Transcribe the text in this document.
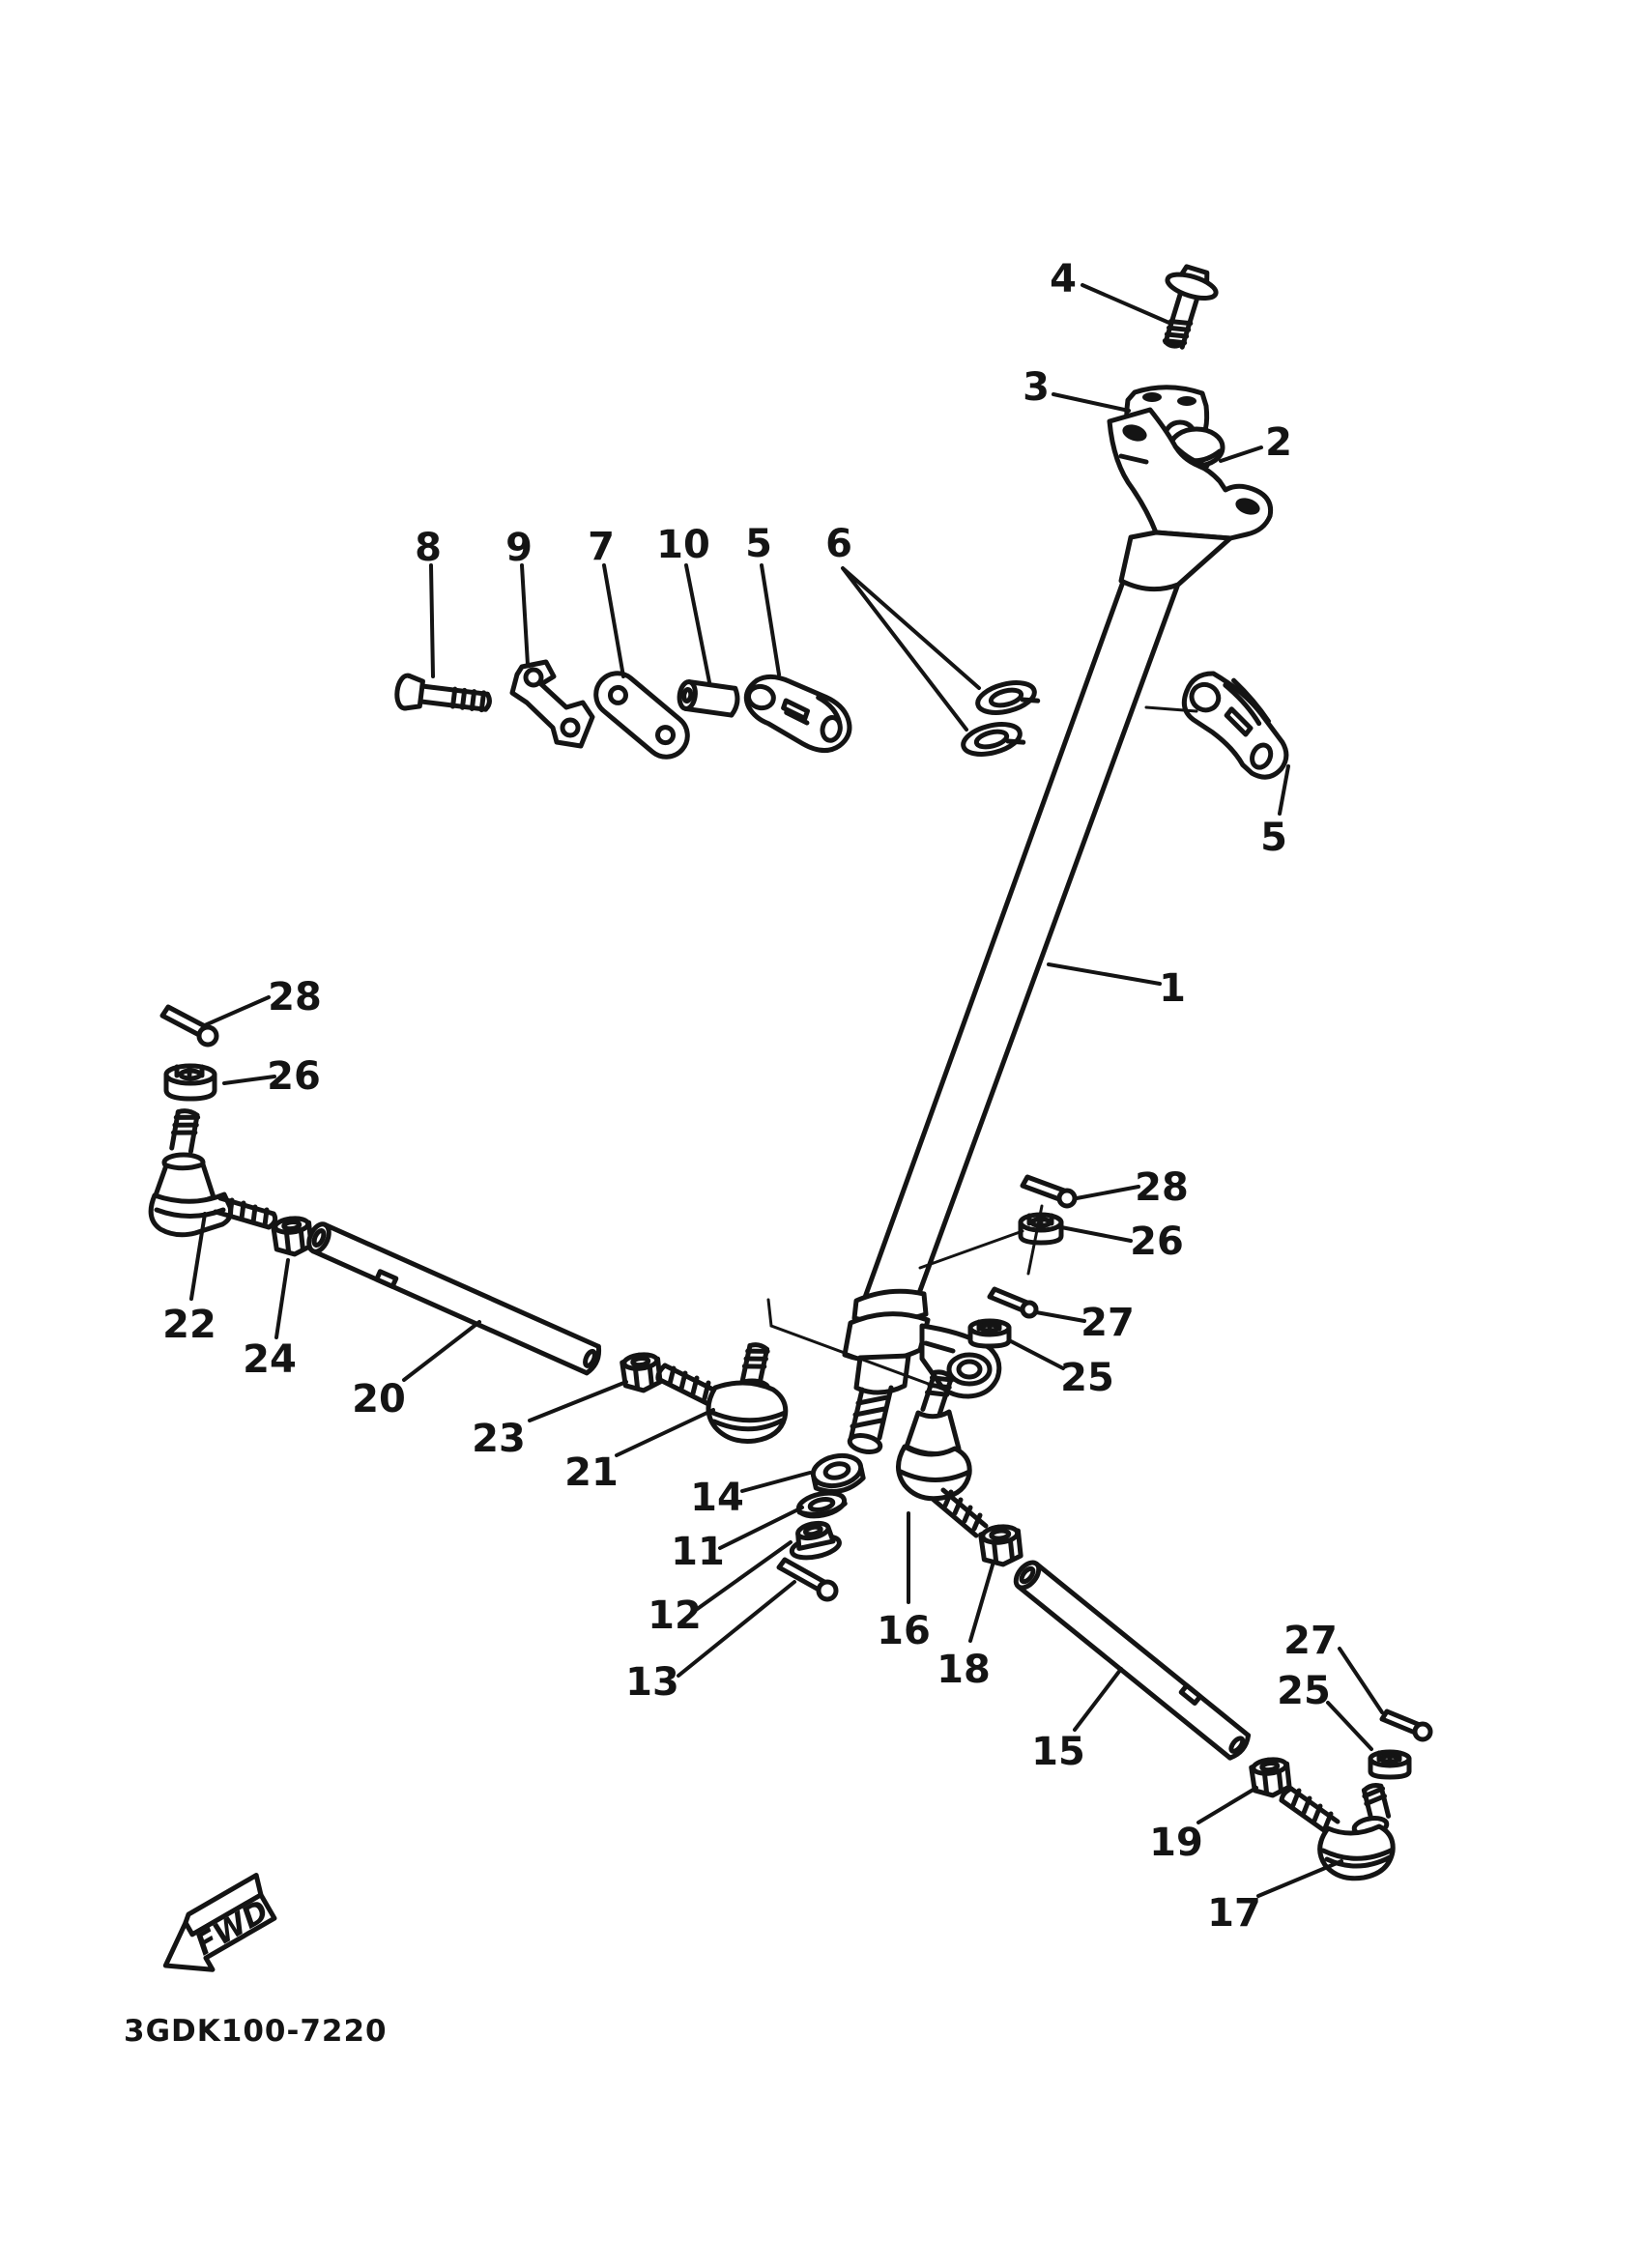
4
3
2
8 9 7 10 5 6
5
1
28
26
22
24
20
23
21
14
11
12
13
16
18
15
19
17
28
26
27
25
27
25
FWD
3GDK100-7220
